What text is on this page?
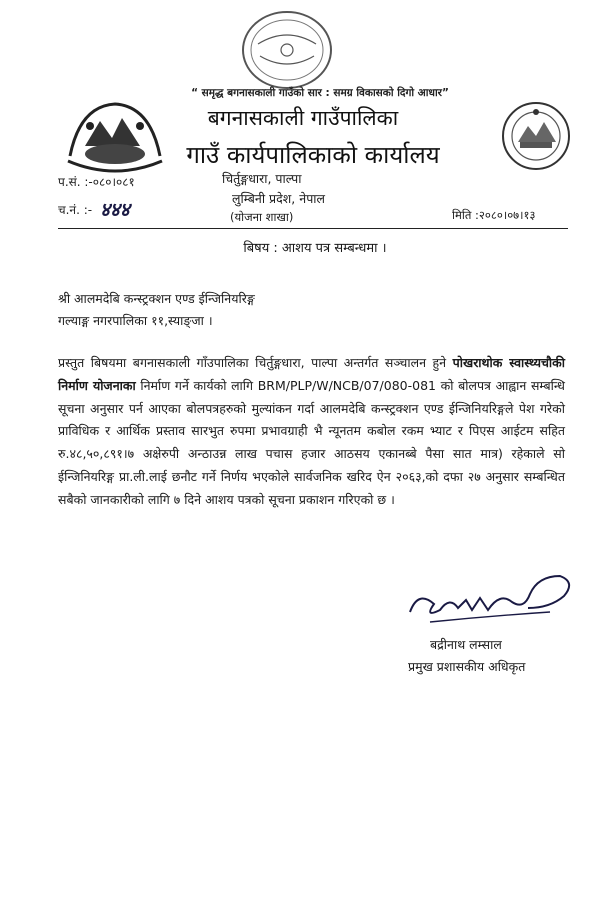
“ समृद्ध बगनासकाली गाउँको सार : समग्र विकासको दिगो आधार”
बगनासकाली गाउँपालिका
गाउँ कार्यपालिकाको कार्यालय
प.सं. :-०८०।०८१
च.नं. :- ४४४
चिर्तुङ्गधारा, पाल्पा
लुम्बिनी प्रदेश, नेपाल
(योजना शाखा)	मिति :२०८०।०७।१३
बिषय : आशय पत्र सम्बन्धमा ।
श्री आलमदेबि कन्स्ट्रक्शन एण्ड ईन्जिनियरिङ्ग
गल्याङ्ग नगरपालिका ११,स्याङ्जा ।
प्रस्तुत बिषयमा बगनासकाली गाँउपालिका चिर्तुङ्गधारा, पाल्पा अन्तर्गत सञ्चालन हुने पोखराथोक स्वास्थ्यचौकी निर्माण योजनाका निर्माण गर्ने कार्यको लागि BRM/PLP/W/NCB/07/080-081 को बोलपत्र आह्वान सम्बन्धि सूचना अनुसार पर्न आएका बोलपत्रहरुको मुल्यांकन गर्दा आलमदेबि कन्स्ट्रक्शन एण्ड ईन्जिनियरिङ्गले पेश गरेको प्राविधिक र आर्थिक प्रस्ताव सारभुत रुपमा प्रभावग्राही भै न्यूनतम कबोल रकम भ्याट र पिएस आईटम सहित रु.४८,५०,८९१।७ अक्षेरुपी अन्ठाउन्न लाख पचास हजार आठसय एकानब्बे पैसा सात मात्र) रहेकाले सो ईन्जिनियरिङ्ग प्रा.ली.लाई छनौट गर्ने निर्णय भएकोले सार्वजनिक खरिद ऐन २०६३,को दफा २७ अनुसार सम्बन्धित सबैको जानकारीको लागि ७ दिने आशय पत्रको सूचना प्रकाशन गरिएको छ ।
बद्रीनाथ लम्साल
प्रमुख प्रशासकीय अधिकृत
